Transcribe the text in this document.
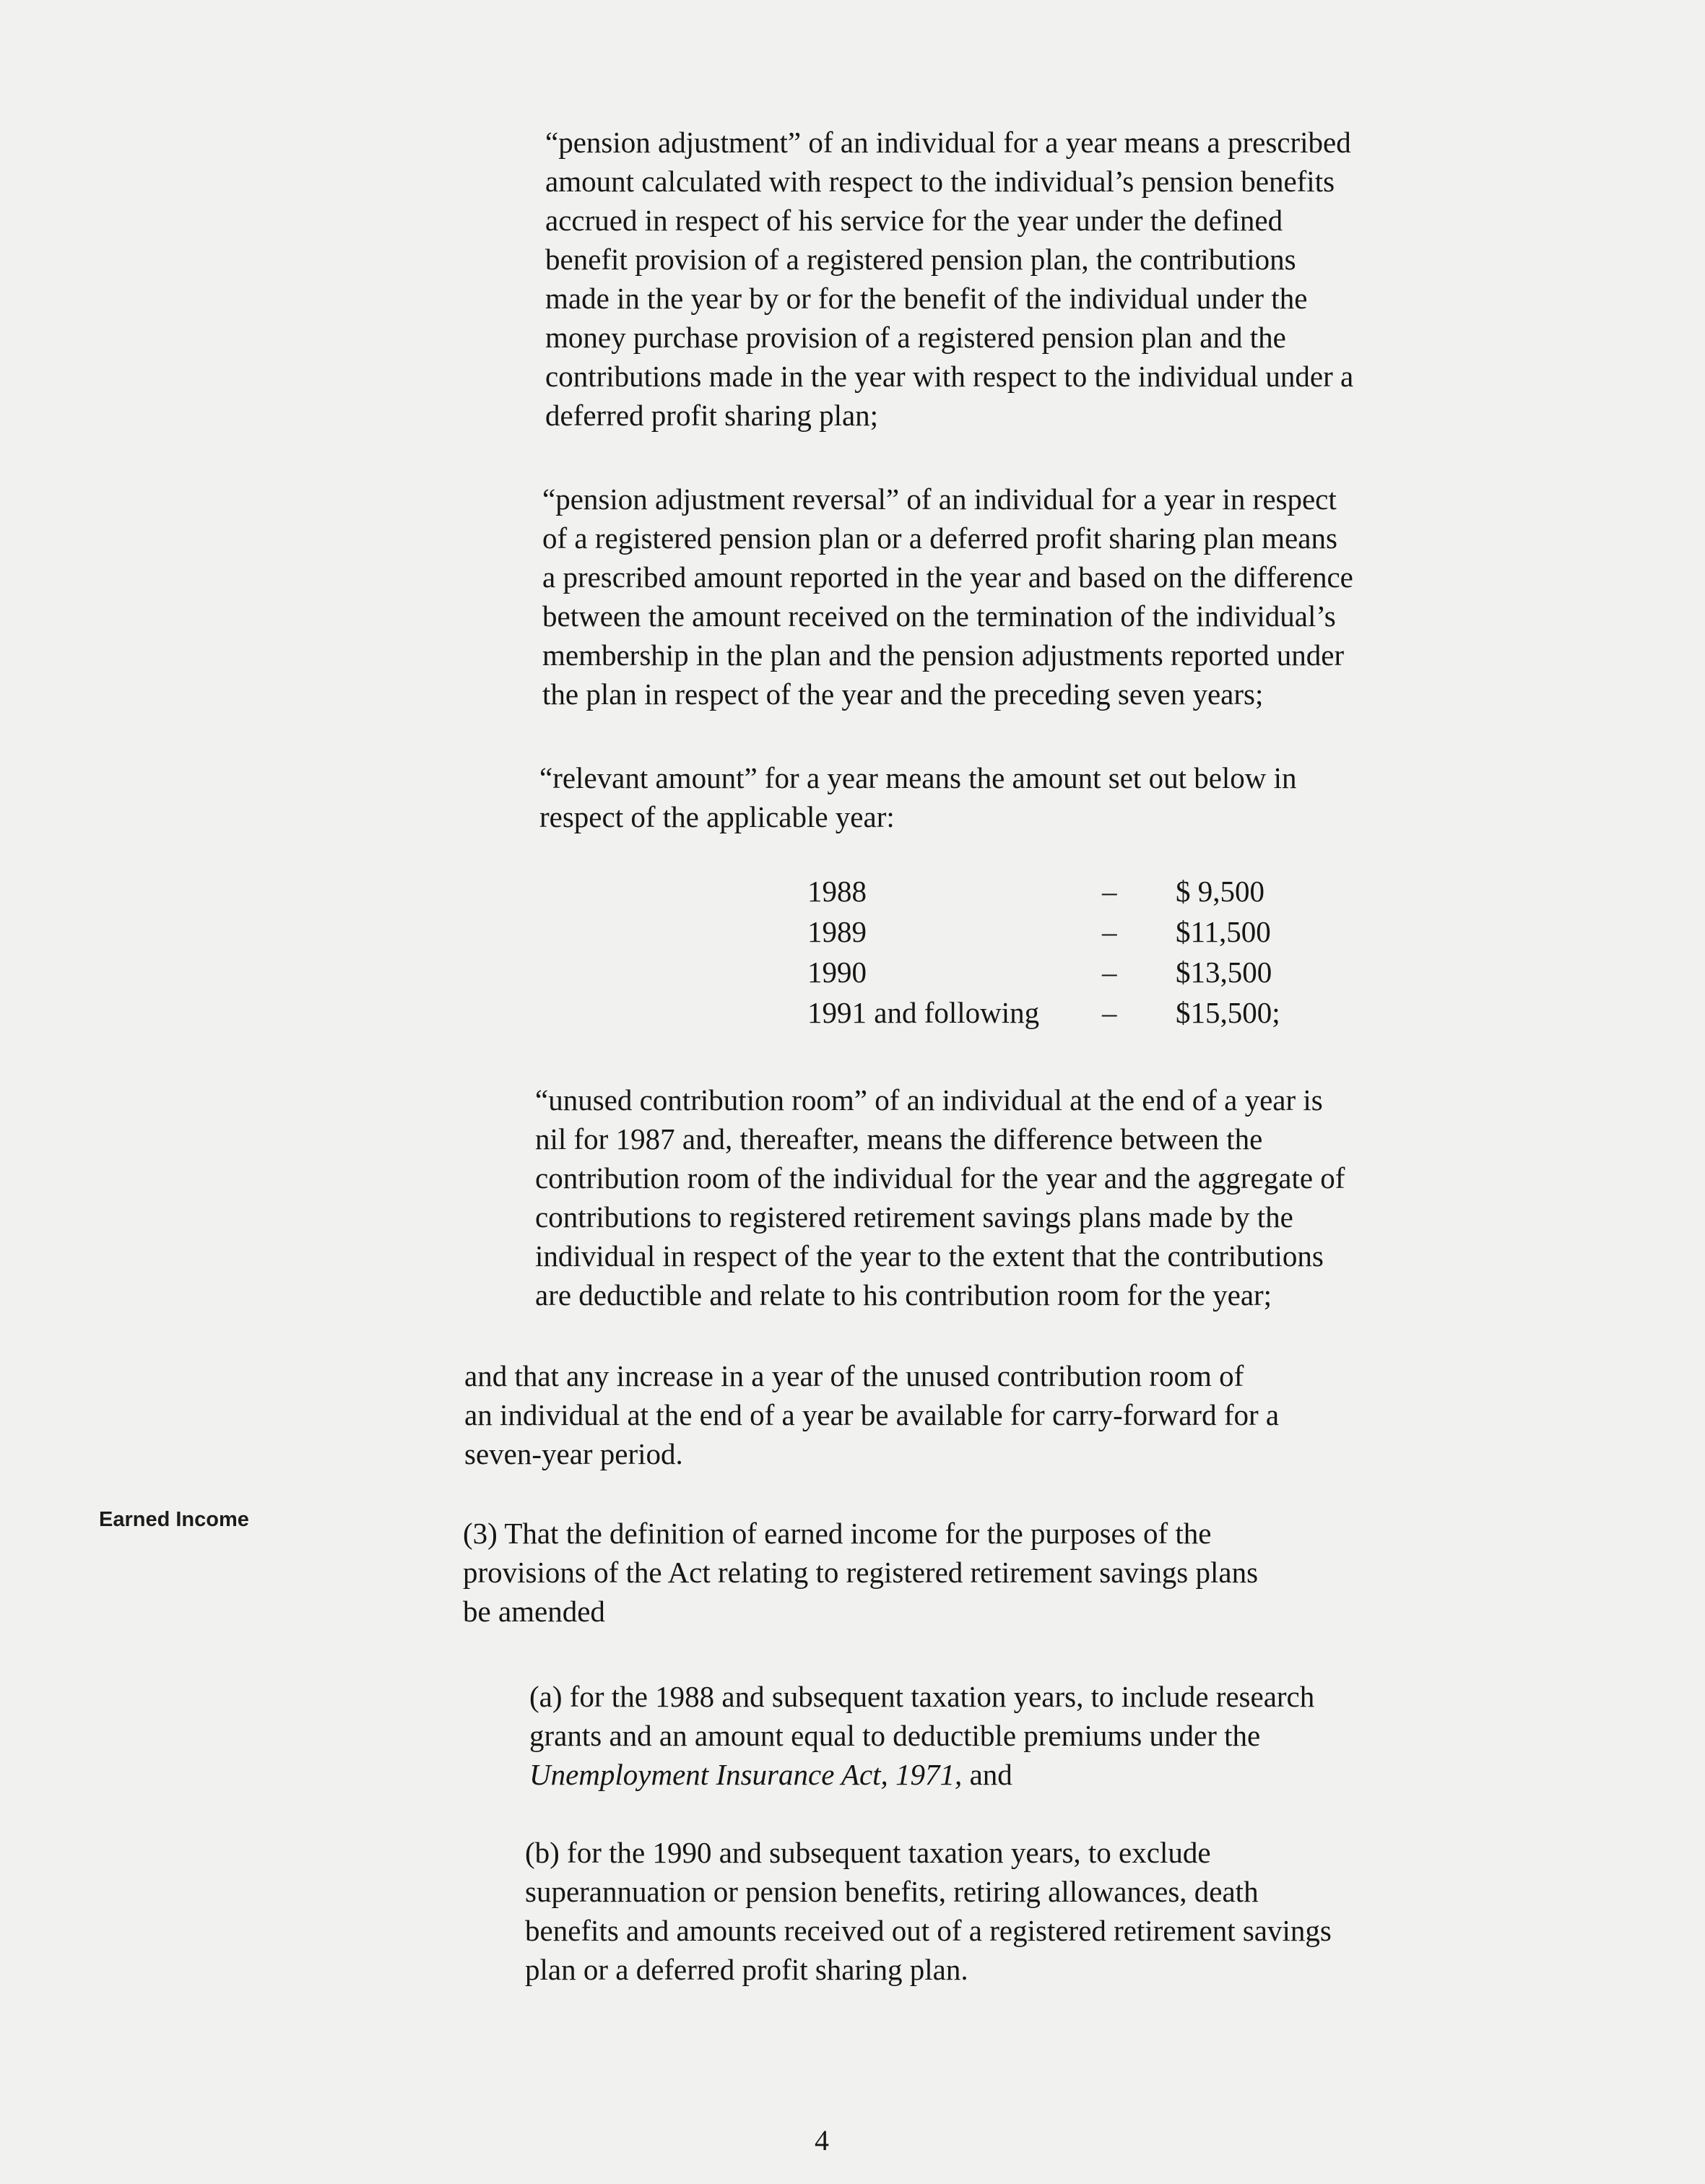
“pension adjustment” of an individual for a year means a prescribed
amount calculated with respect to the individual’s pension benefits
accrued in respect of his service for the year under the defined
benefit provision of a registered pension plan, the contributions
made in the year by or for the benefit of the individual under the
money purchase provision of a registered pension plan and the
contributions made in the year with respect to the individual under a
deferred profit sharing plan;

“pension adjustment reversal” of an individual for a year in respect
of a registered pension plan or a deferred profit sharing plan means
a prescribed amount reported in the year and based on the difference
between the amount received on the termination of the individual’s
membership in the plan and the pension adjustments reported under
the plan in respect of the year and the preceding seven years;

“relevant amount” for a year means the amount set out below in
respect of the applicable year:

1988	– $ 9,500
1989	– $11,500
1990	– $13,500
1991 and following – $15,500;

“unused contribution room” of an individual at the end of a year is
nil for 1987 and, thereafter, means the difference between the
contribution room of the individual for the year and the aggregate of
contributions to registered retirement savings plans made by the
individual in respect of the year to the extent that the contributions
are deductible and relate to his contribution room for the year;

and that any increase in a year of the unused contribution room of
an individual at the end of a year be available for carry-forward for a
seven-year period.

Earned Income	(3) That the definition of earned income for the purposes of the
provisions of the Act relating to registered retirement savings plans
be amended

(a) for the 1988 and subsequent taxation years, to include research
grants and an amount equal to deductible premiums under the
Unemployment Insurance Act, 1971, and

(b) for the 1990 and subsequent taxation years, to exclude
superannuation or pension benefits, retiring allowances, death
benefits and amounts received out of a registered retirement savings
plan or a deferred profit sharing plan.

4
